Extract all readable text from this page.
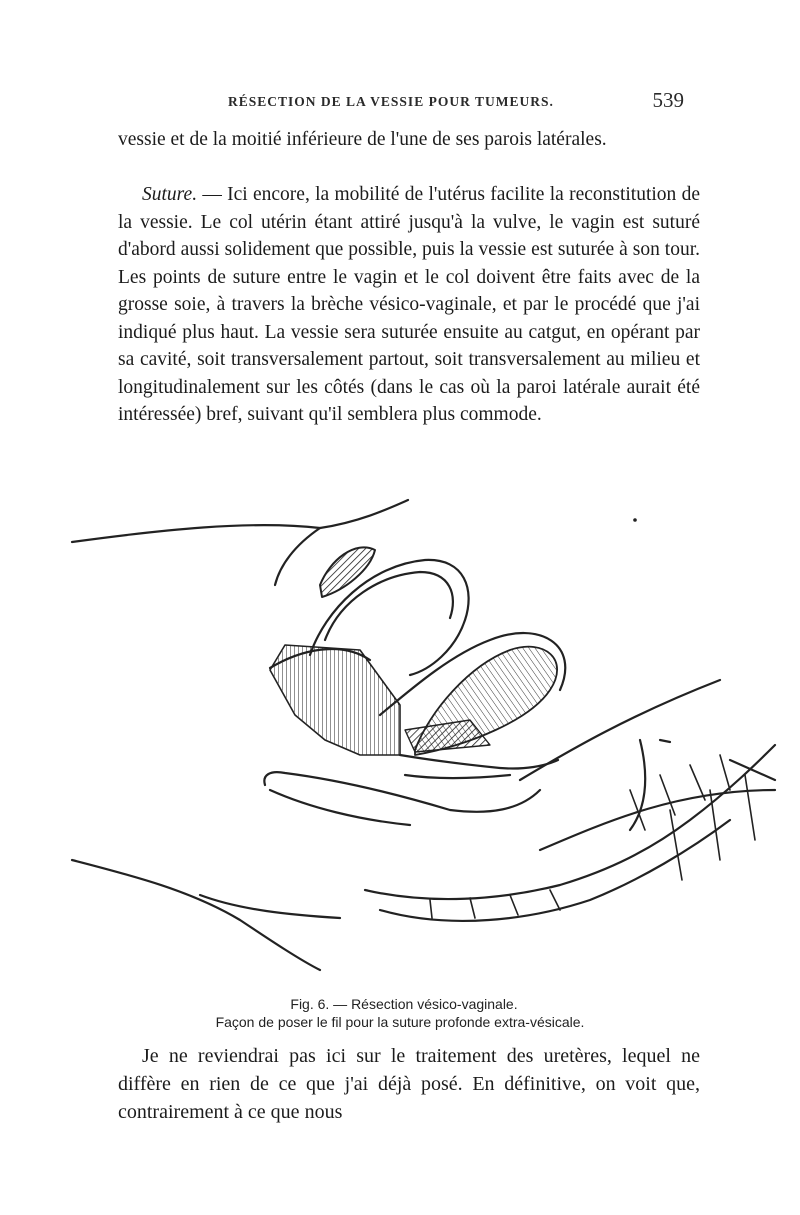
RÉSECTION DE LA VESSIE POUR TUMEURS.	539

vessie et de la moitié inférieure de l'une de ses parois latérales.

Suture. — Ici encore, la mobilité de l'utérus facilite la reconstitution de la vessie. Le col utérin étant attiré jusqu'à la vulve, le vagin est suturé d'abord aussi solidement que possible, puis la vessie est suturée à son tour. Les points de suture entre le vagin et le col doivent être faits avec de la grosse soie, à travers la brèche vésico-vaginale, et par le procédé que j'ai indiqué plus haut. La vessie sera suturée ensuite au catgut, en opérant par sa cavité, soit transversalement partout, soit transversalement au milieu et longitudinalement sur les côtés (dans le cas où la paroi latérale aurait été intéressée) bref, suivant qu'il semblera plus commode.

Fig. 6. — Résection vésico-vaginale.
Façon de poser le fil pour la suture profonde extra-vésicale.

Je ne reviendrai pas ici sur le traitement des uretères, lequel ne diffère en rien de ce que j'ai déjà posé. En définitive, on voit que, contrairement à ce que nous
